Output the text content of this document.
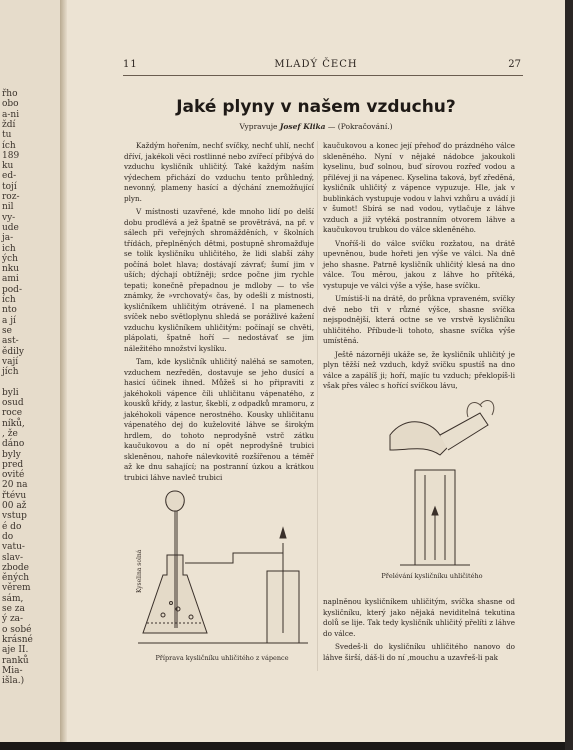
řho
obo
a-ni
ždí
tu
ích
189
ku
ed-
tojí
roz-
nil
vy-
ude
ja-
ich
ých
nku
ami
pod-
ích
nto
a jí
se
ast-
ědily
vají
jích
byli
osud
roce
níků,
, že
dáno
byly
pred
ovité
20 na
řtévu
00 až
vstup
é do
do
vatu-
slav-
zbode
ěných
věrem
sám,
se za
ý za-
o sobé
krásné
aje II.
ranků
Mia-
išla.)
11	MLADÝ ČECH	27
Jaké plyny v našem vzduchu?
Vypravuje Josef Klika — (Pokračování.)

Každým hořením, nechť svíčky, nechť uhlí, nechť dříví, jakékoli věci rostlinné nebo zvířecí přibývá do vzduchu kysličník uhličitý. Také každým naším výdechem přichází do vzduchu tento průhledný, nevonný, plameny hasící a dýchání znemožňující plyn.

V místnosti uzavřené, kde mnoho lidí po delší dobu prodlévá a jež špatně se provětrává, na př. v sálech při veřejných shromážděních, v školních třídách, přeplněných dětmi, postupně shromažďuje se tolik kysličníku uhličitého, že lidi slabší záhy počíná bolet hlava; dostávají závrať; šumí jim v uších; dýchají obtížněji; srdce počne jim rychle tepati; konečně přepadnou je mdloby — to vše známky, že »vrchovatý« čas, by odešli z místnosti, kysličníkem uhličitým otrávené. I na plamenech svíček nebo světloplynu shledá se porážlivé kažení vzduchu kysličníkem uhličitým: počínají se chvěti, plápolati, špatně hoří — nedostávať se jim náležitého množství kyslíku.

Tam, kde kysličník uhličitý naléhá se samoten, vzduchem nezředěn, dostavuje se jeho dusící a hasicí účinek ihned. Můžeš si ho připraviti z jakéhokoli vápence číli uhličitanu vápenatého, z kousků křídy, z lastur, škeblí, z odpadků mramoru, z jakéhokoli vápence nerostného. Kousky uhličitanu vápenatého dej do kuželovité láhve se širokým hrdlem, do tohoto neprodyšně vstrč zátku kaučukovou a do ní opět neprodyšně trubici skleněnou, nahoře nálevkovitě rozšířenou a téměř až ke dnu sahající; na postranní úzkou a krátkou trubici láhve navleč trubici

kaučukovou a konec její přehoď do prázdného válce skleněného. Nyní v nějaké nádobce jakoukoli kyselinu, buď solnou, buď sírovou rozřeď vodou a přilévej ji na vápenec. Kyselina taková, byť zředěná, kysličník uhličitý z vápence vypuzuje. Hle, jak v bublinkách vystupuje vodou v lahvi vzhůru a uvádí ji v šumot! Sbírá se nad vodou, vytlačuje z láhve vzduch a již vytéká postranním otvorem láhve a kaučukovou trubkou do válce skleněného.

Vnoříš-li do válce svíčku rozžatou, na drátě upevněnou, bude hořeti jen výše ve válci. Na dně jeho shasne. Patrně kysličník uhličitý klesá na dno válce. Tou měrou, jakou z láhve ho přítéká, vystupuje ve válci výše a výše, hase svíčku.

Umístiš-li na drátě, do průkna vpraveném, svíčky dvě nebo tři v různé výšce, shasne svíčka nejspodnější, která octne se ve vrstvě kysličníku uhličitého. Příbude-li tohoto, shasne svíčka výše umístěná.

Ještě názorněji ukáže se, že kysličník uhličitý je plyn těžší než vzduch, když svíčku spustíš na dno válce a zapálíš ji; hoří, majíc tu vzduch; překlopíš-li však přes válec s hořící svíčkou lávu,

Kyselina solná
Příprava kysličníku uhličitého z vápence
Přelévání kysličníku uhličitého

naplněnou kysličníkem uhličitým, svíčka shasne od kysličníku, který jako nějaká neviditelná tekutina dolů se lije. Tak tedy kysličník uhličitý přelíti z láhve do válce.

Svedeš-li do kysličníku uhličitého nanovo do láhve širší, dáš-li do ní ,mouchu a uzavřeš-li pak
